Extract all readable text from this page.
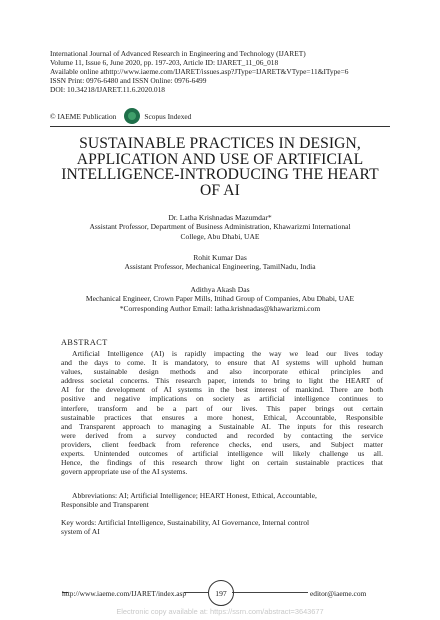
International Journal of Advanced Research in Engineering and Technology (IJARET)
Volume 11, Issue 6, June 2020, pp. 197-203, Article ID: IJARET_11_06_018
Available online athttp://www.iaeme.com/IJARET/issues.asp?JType=IJARET&VType=11&IType=6
ISSN Print: 0976-6480 and ISSN Online: 0976-6499
DOI: 10.34218/IJARET.11.6.2020.018
© IAEME Publication	Scopus Indexed
SUSTAINABLE PRACTICES IN DESIGN,
APPLICATION AND USE OF ARTIFICIAL
INTELLIGENCE-INTRODUCING THE HEART
OF AI
Dr. Latha Krishnadas Mazumdar*
Assistant Professor, Department of Business Administration, Khawarizmi International
College, Abu Dhabi, UAE
Rohit Kumar Das
Assistant Professor, Mechanical Engineering, TamilNadu, India
Adithya Akash Das
Mechanical Engineer, Crown Paper Mills, Ittihad Group of Companies, Abu Dhabi, UAE
*Corresponding Author Email: latha.krishnadas@khawarizmi.com
ABSTRACT
Artificial Intelligence (AI) is rapidly impacting the way we lead our lives today
and the days to come. It is mandatory, to ensure that AI systems will uphold human
values, sustainable design methods and also incorporate ethical principles and
address societal concerns. This research paper, intends to bring to light the HEART of
AI for the development of AI systems in the best interest of mankind. There are both
positive and negative implications on society as artificial intelligence continues to
interfere, transform and be a part of our lives. This paper brings out certain
sustainable practices that ensures a more honest, Ethical, Accountable, Responsible
and Transparent approach to managing a Sustainable AI. The inputs for this research
were derived from a survey conducted and recorded by contacting the service
providers, client feedback from reference checks, end users, and Subject matter
experts. Unintended outcomes of artificial intelligence will likely challenge us all.
Hence, the findings of this research throw light on certain sustainable practices that
govern appropriate use of the AI systems.
Abbreviations: AI; Artificial Intelligence; HEART Honest, Ethical, Accountable,
Responsible and Transparent
Key words: Artificial Intelligence, Sustainability, AI Governance, Internal control
system of AI
http://www.iaeme.com/IJARET/index.asp	197	editor@iaeme.com
Electronic copy available at: https://ssrn.com/abstract=3643677
